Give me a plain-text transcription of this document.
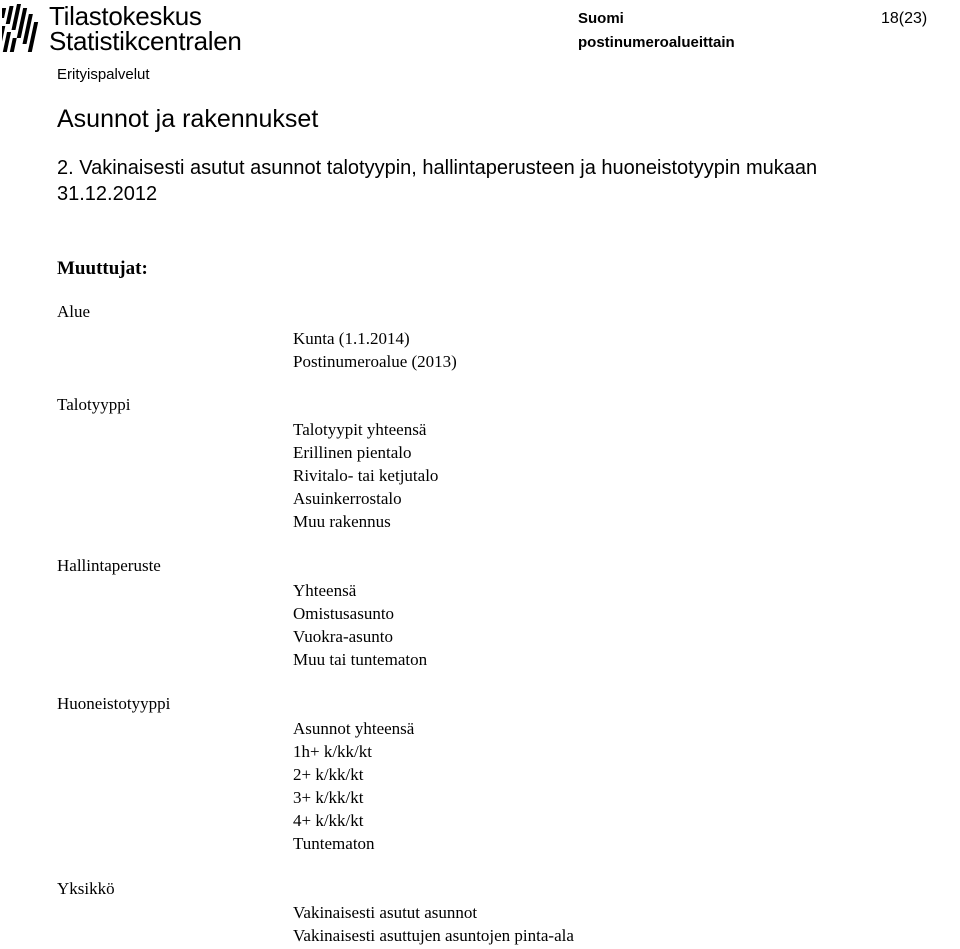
Tilastokeskus
Statistikcentralen
Suomi
postinumeroalueittain
18(23)
Erityispalvelut
Asunnot ja rakennukset
2. Vakinaisesti asutut asunnot talotyypin, hallintaperusteen ja huoneistotyypin mukaan
31.12.2012
Muuttujat:
Alue
Kunta (1.1.2014)
Postinumeroalue (2013)
Talotyyppi
Talotyypit yhteensä
Erillinen pientalo
Rivitalo- tai ketjutalo
Asuinkerrostalo
Muu rakennus
Hallintaperuste
Yhteensä
Omistusasunto
Vuokra-asunto
Muu tai tuntematon
Huoneistotyyppi
Asunnot yhteensä
1h+ k/kk/kt
2+ k/kk/kt
3+ k/kk/kt
4+ k/kk/kt
Tuntematon
Yksikkö
Vakinaisesti asutut asunnot
Vakinaisesti asuttujen asuntojen pinta-ala
